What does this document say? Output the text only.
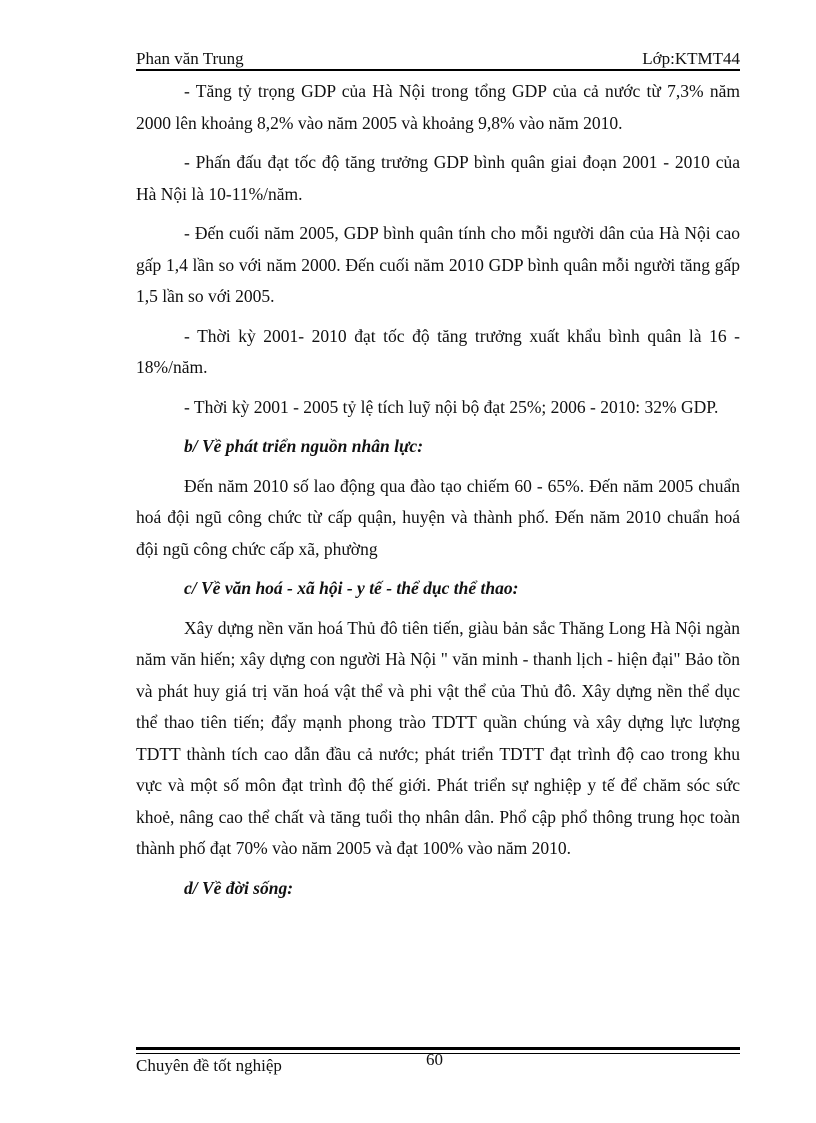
Phan văn Trung	Lớp:KTMT44

- Tăng tỷ trọng GDP của Hà Nội trong tổng GDP của cả nước từ 7,3% năm 2000 lên khoảng 8,2% vào năm 2005 và khoảng 9,8% vào năm 2010.

- Phấn đấu đạt tốc độ tăng trưởng GDP bình quân giai đoạn 2001 - 2010 của Hà Nội là 10-11%/năm.

- Đến cuối năm 2005, GDP bình quân tính cho mỗi người dân của Hà Nội cao gấp 1,4 lần so với năm 2000. Đến cuối năm 2010 GDP bình quân mỗi người tăng gấp 1,5 lần so với 2005.

- Thời kỳ 2001- 2010 đạt tốc độ tăng trưởng xuất khẩu bình quân là 16 - 18%/năm.

- Thời kỳ 2001 - 2005 tỷ lệ tích luỹ nội bộ đạt 25%; 2006 - 2010: 32% GDP.

b/ Về phát triển nguồn nhân lực:

Đến năm 2010 số lao động qua đào tạo chiếm 60 - 65%. Đến năm 2005 chuẩn hoá đội ngũ công chức từ cấp quận, huyện và thành phố. Đến năm 2010 chuẩn hoá đội ngũ công chức cấp xã, phường

c/ Về văn hoá - xã hội - y tế - thể dục thể thao:

Xây dựng nền văn hoá Thủ đô tiên tiến, giàu bản sắc Thăng Long Hà Nội ngàn năm văn hiến; xây dựng con người Hà Nội " văn minh - thanh lịch - hiện đại" Bảo tồn và phát huy giá trị văn hoá vật thể và phi vật thể của Thủ đô. Xây dựng nền thể dục thể thao tiên tiến; đẩy mạnh phong trào TDTT quần chúng và xây dựng lực lượng TDTT thành tích cao dẫn đầu cả nước; phát triển TDTT đạt trình độ cao trong khu vực và một số môn đạt trình độ thế giới. Phát triển sự nghiệp y tế để chăm sóc sức khoẻ, nâng cao thể chất và tăng tuổi thọ nhân dân. Phổ cập phổ thông trung học toàn thành phố đạt 70% vào năm 2005 và đạt 100% vào năm 2010.

d/ Về đời sống:

Chuyên đề tốt nghiệp	60
